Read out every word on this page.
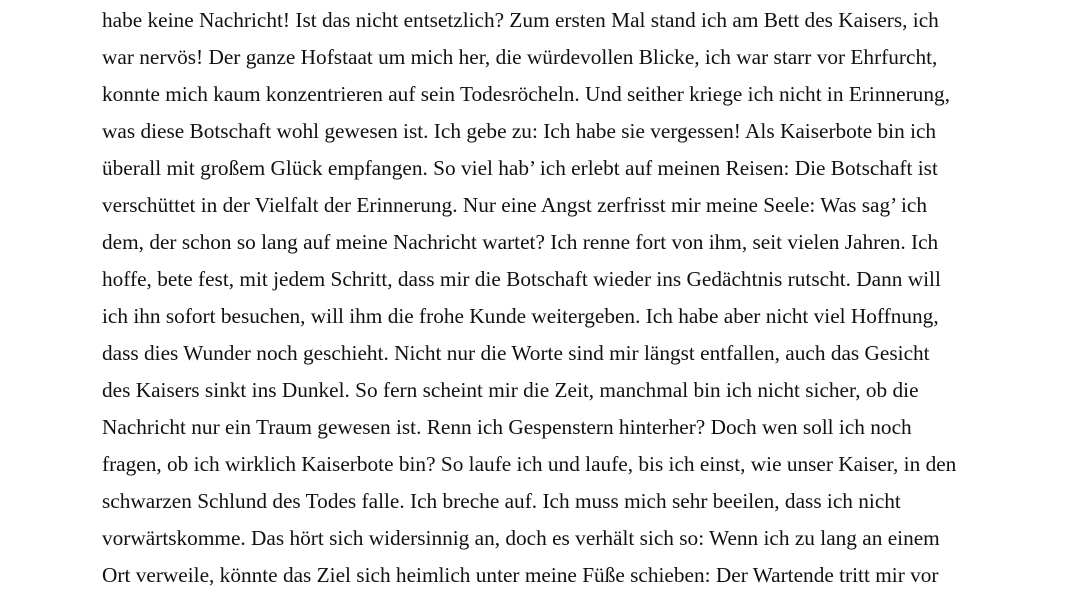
habe keine Nachricht! Ist das nicht entsetzlich? Zum ersten Mal stand ich am Bett des Kaisers, ich
war nervös! Der ganze Hofstaat um mich her, die würdevollen Blicke, ich war starr vor Ehrfurcht,
konnte mich kaum konzentrieren auf sein Todesröcheln. Und seither kriege ich nicht in Erinnerung,
was diese Botschaft wohl gewesen ist. Ich gebe zu: Ich habe sie vergessen! Als Kaiserbote bin ich
überall mit großem Glück empfangen. So viel hab’ ich erlebt auf meinen Reisen: Die Botschaft ist
verschüttet in der Vielfalt der Erinnerung. Nur eine Angst zerfrisst mir meine Seele: Was sag’ ich
dem, der schon so lang auf meine Nachricht wartet? Ich renne fort von ihm, seit vielen Jahren. Ich
hoffe, bete fest, mit jedem Schritt, dass mir die Botschaft wieder ins Gedächtnis rutscht. Dann will
ich ihn sofort besuchen, will ihm die frohe Kunde weitergeben. Ich habe aber nicht viel Hoffnung,
dass dies Wunder noch geschieht. Nicht nur die Worte sind mir längst entfallen, auch das Gesicht
des Kaisers sinkt ins Dunkel. So fern scheint mir die Zeit, manchmal bin ich nicht sicher, ob die
Nachricht nur ein Traum gewesen ist. Renn ich Gespenstern hinterher? Doch wen soll ich noch
fragen, ob ich wirklich Kaiserbote bin? So laufe ich und laufe, bis ich einst, wie unser Kaiser, in den
schwarzen Schlund des Todes falle. Ich breche auf. Ich muss mich sehr beeilen, dass ich nicht
vorwärtskomme. Das hört sich widersinnig an, doch es verhält sich so: Wenn ich zu lang an einem
Ort verweile, könnte das Ziel sich heimlich unter meine Füße schieben: Der Wartende tritt mir vor
